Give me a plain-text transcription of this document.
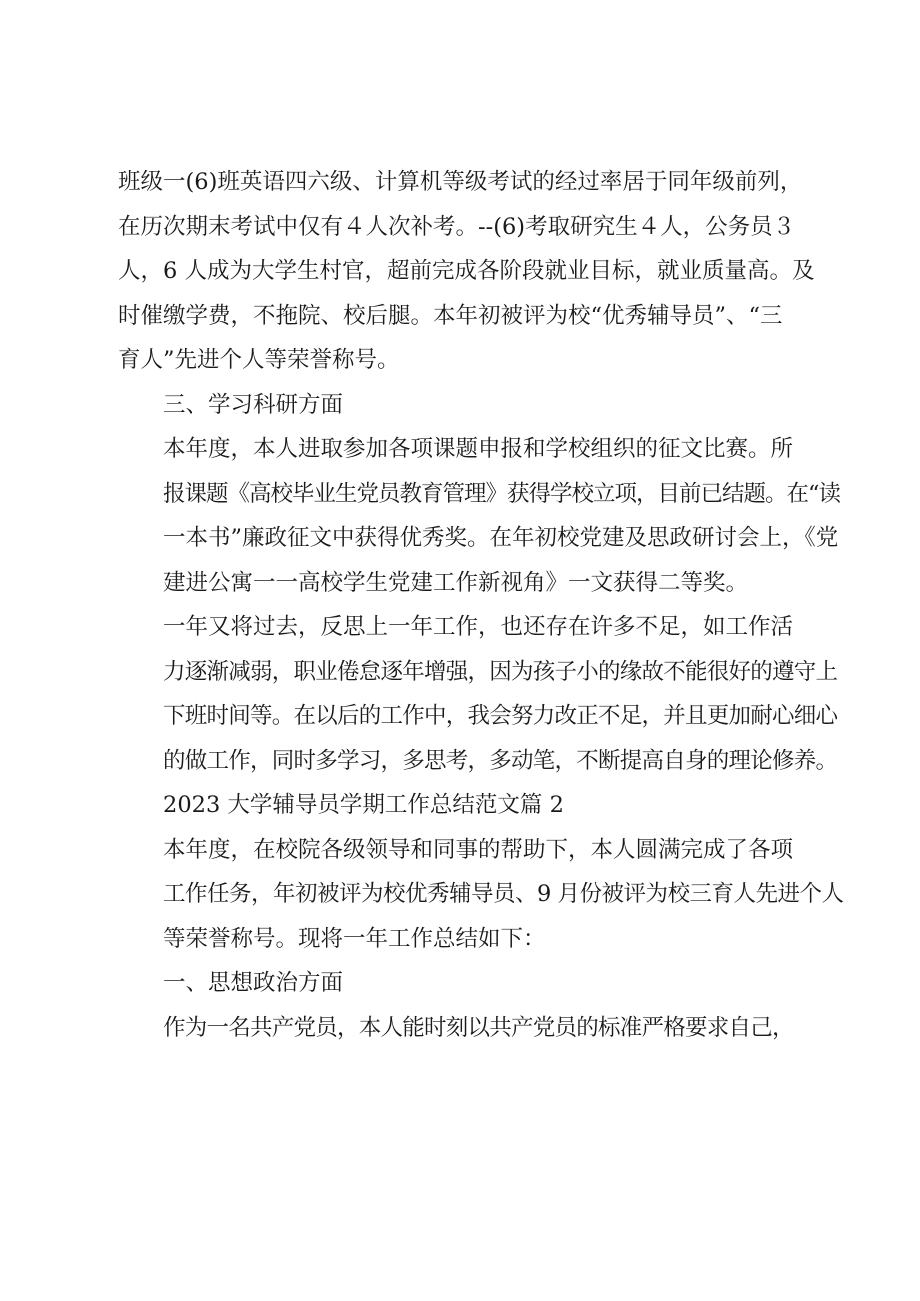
班级一(6)班英语四六级、计算机等级考试的经过率居于同年级前列，
在历次期末考试中仅有４人次补考。--(6)考取研究生４人，公务员３
人，6 人成为大学生村官，超前完成各阶段就业目标，就业质量高。及
时催缴学费，不拖院、校后腿。本年初被评为校“优秀辅导员”、“三
育人”先进个人等荣誉称号。

三、学习科研方面

本年度，本人进取参加各项课题申报和学校组织的征文比赛。所
报课题《高校毕业生党员教育管理》获得学校立项，目前已结题。在“读
一本书”廉政征文中获得优秀奖。在年初校党建及思政研讨会上，《党
建进公寓一一高校学生党建工作新视角》一文获得二等奖。

一年又将过去，反思上一年工作，也还存在许多不足，如工作活
力逐渐减弱，职业倦怠逐年增强，因为孩子小的缘故不能很好的遵守上
下班时间等。在以后的工作中，我会努力改正不足，并且更加耐心细心
的做工作，同时多学习，多思考，多动笔，不断提高自身的理论修养。

2023 大学辅导员学期工作总结范文篇 2

本年度，在校院各级领导和同事的帮助下，本人圆满完成了各项
工作任务，年初被评为校优秀辅导员、9 月份被评为校三育人先进个人
等荣誉称号。现将一年工作总结如下：

一、思想政治方面

作为一名共产党员，本人能时刻以共产党员的标准严格要求自己，
